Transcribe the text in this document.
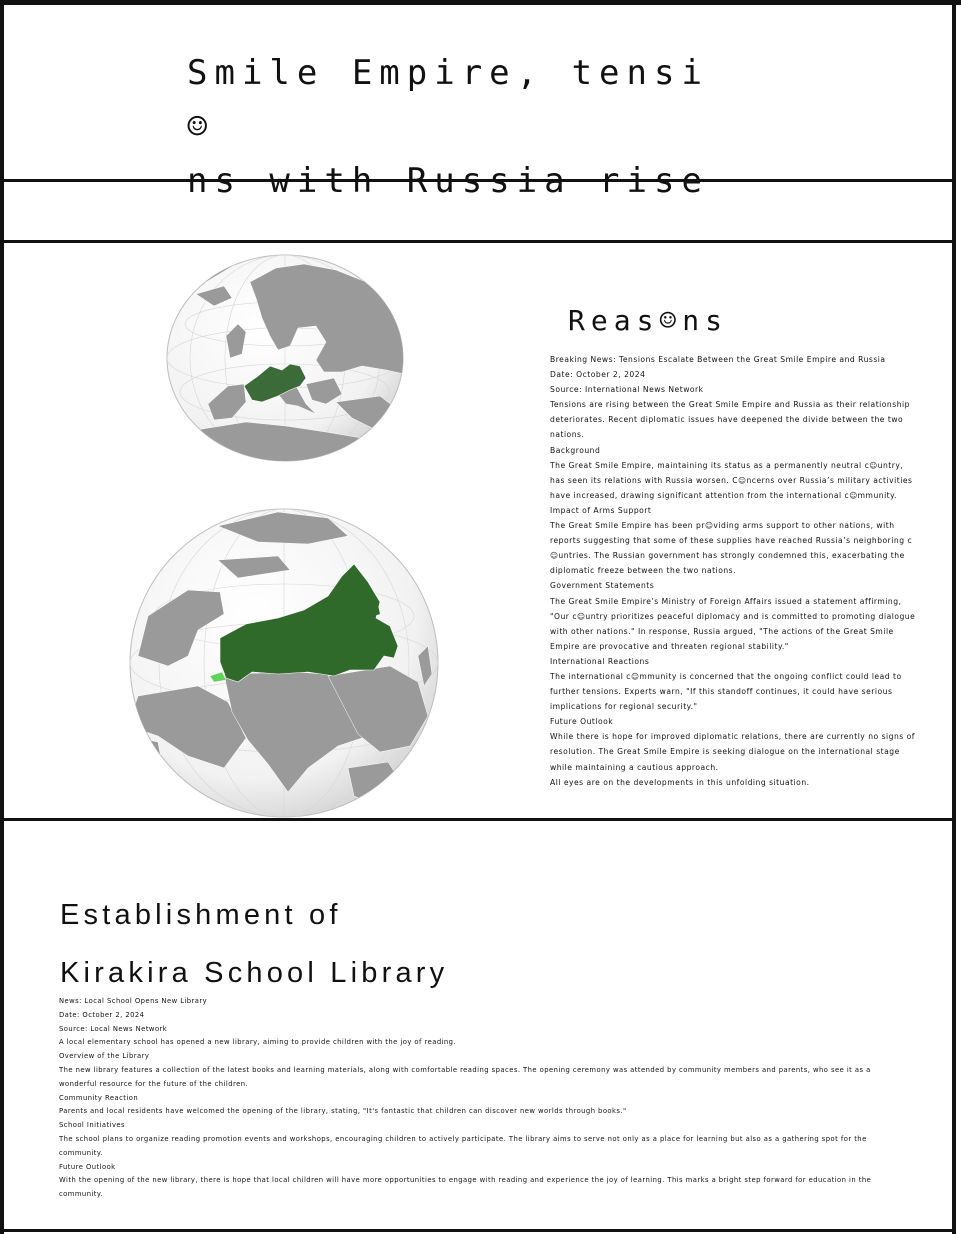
Smile Empire, tensi☺
ns with Russia rise
Reas☺ns

Breaking News: Tensions Escalate Between the Great Smile Empire and Russia

Date: October 2, 2024

Source: International News Network

Tensions are rising between the Great Smile Empire and Russia as their relationship deteriorates. Recent diplomatic issues have deepened the divide between the two nations.

Background

The Great Smile Empire, maintaining its status as a permanently neutral c☺untry, has seen its relations with Russia worsen. C☺ncerns over Russia’s military activities have increased, drawing significant attention from the international c☺mmunity.

Impact of Arms Support

The Great Smile Empire has been pr☺viding arms support to other nations, with reports suggesting that some of these supplies have reached Russia’s neighboring c☺untries. The Russian government has strongly condemned this, exacerbating the diplomatic freeze between the two nations.

Government Statements

The Great Smile Empire’s Ministry of Foreign Affairs issued a statement affirming, "Our c☺untry prioritizes peaceful diplomacy and is committed to promoting dialogue with other nations." In response, Russia argued, "The actions of the Great Smile Empire are provocative and threaten regional stability."

International Reactions

The international c☺mmunity is concerned that the ongoing conflict could lead to further tensions. Experts warn, "If this standoff continues, it could have serious implications for regional security."

Future Outlook

While there is hope for improved diplomatic relations, there are currently no signs of resolution. The Great Smile Empire is seeking dialogue on the international stage while maintaining a cautious approach.

All eyes are on the developments in this unfolding situation.

Establishment of
Kirakira School Library

News: Local School Opens New Library

Date: October 2, 2024

Source: Local News Network

A local elementary school has opened a new library, aiming to provide children with the joy of reading.

Overview of the Library

The new library features a collection of the latest books and learning materials, along with comfortable reading spaces. The opening ceremony was attended by community members and parents, who see it as a wonderful resource for the future of the children.

Community Reaction

Parents and local residents have welcomed the opening of the library, stating, "It's fantastic that children can discover new worlds through books."

School Initiatives

The school plans to organize reading promotion events and workshops, encouraging children to actively participate. The library aims to serve not only as a place for learning but also as a gathering spot for the community.

Future Outlook

With the opening of the new library, there is hope that local children will have more opportunities to engage with reading and experience the joy of learning. This marks a bright step forward for education in the community.
